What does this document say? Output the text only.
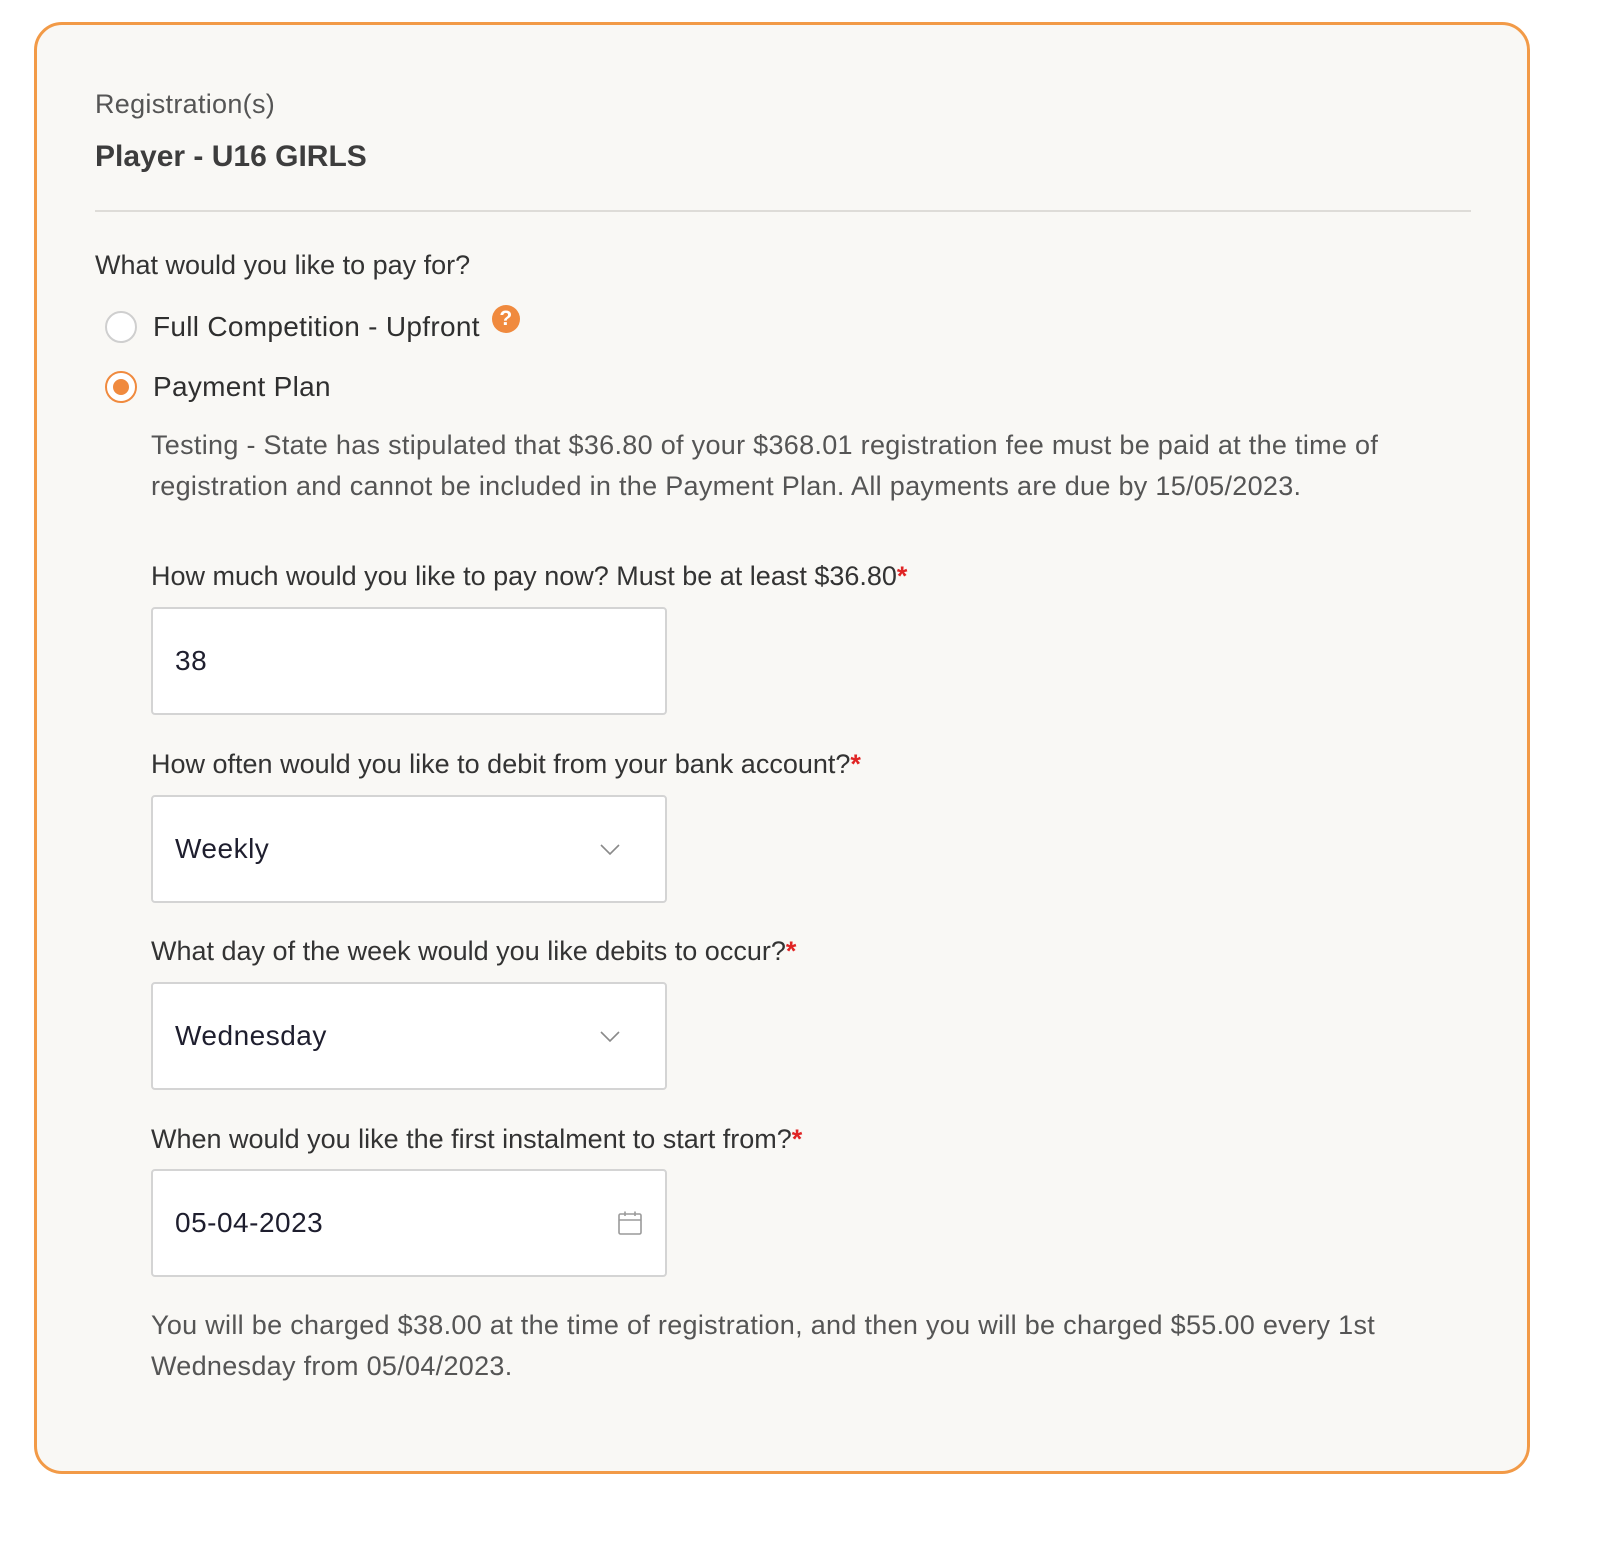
Registration(s)
Player - U16 GIRLS
What would you like to pay for?
Full Competition - Upfront ?
Payment Plan
Testing - State has stipulated that $36.80 of your $368.01 registration fee must be paid at the time of registration and cannot be included in the Payment Plan. All payments are due by 15/05/2023.
How much would you like to pay now? Must be at least $36.80*
38
How often would you like to debit from your bank account?*
Weekly
What day of the week would you like debits to occur?*
Wednesday
When would you like the first instalment to start from?*
05-04-2023
You will be charged $38.00 at the time of registration, and then you will be charged $55.00 every 1st Wednesday from 05/04/2023.
